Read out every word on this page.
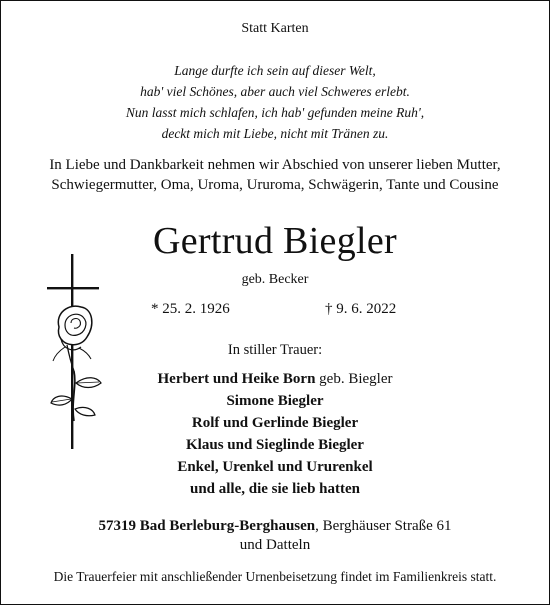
Statt Karten
Lange durfte ich sein auf dieser Welt,
hab' viel Schönes, aber auch viel Schweres erlebt.
Nun lasst mich schlafen, ich hab' gefunden meine Ruh',
deckt mich mit Liebe, nicht mit Tränen zu.
In Liebe und Dankbarkeit nehmen wir Abschied von unserer lieben Mutter,
Schwiegermutter, Oma, Uroma, Ururoma, Schwägerin, Tante und Cousine
Gertrud Biegler
geb. Becker
* 25. 2. 1926	† 9. 6. 2022
In stiller Trauer:
Herbert und Heike Born geb. Biegler
Simone Biegler
Rolf und Gerlinde Biegler
Klaus und Sieglinde Biegler
Enkel, Urenkel und Ururenkel
und alle, die sie lieb hatten
57319 Bad Berleburg-Berghausen, Berghäuser Straße 61
und Datteln
Die Trauerfeier mit anschließender Urnenbeisetzung findet im Familienkreis statt.
